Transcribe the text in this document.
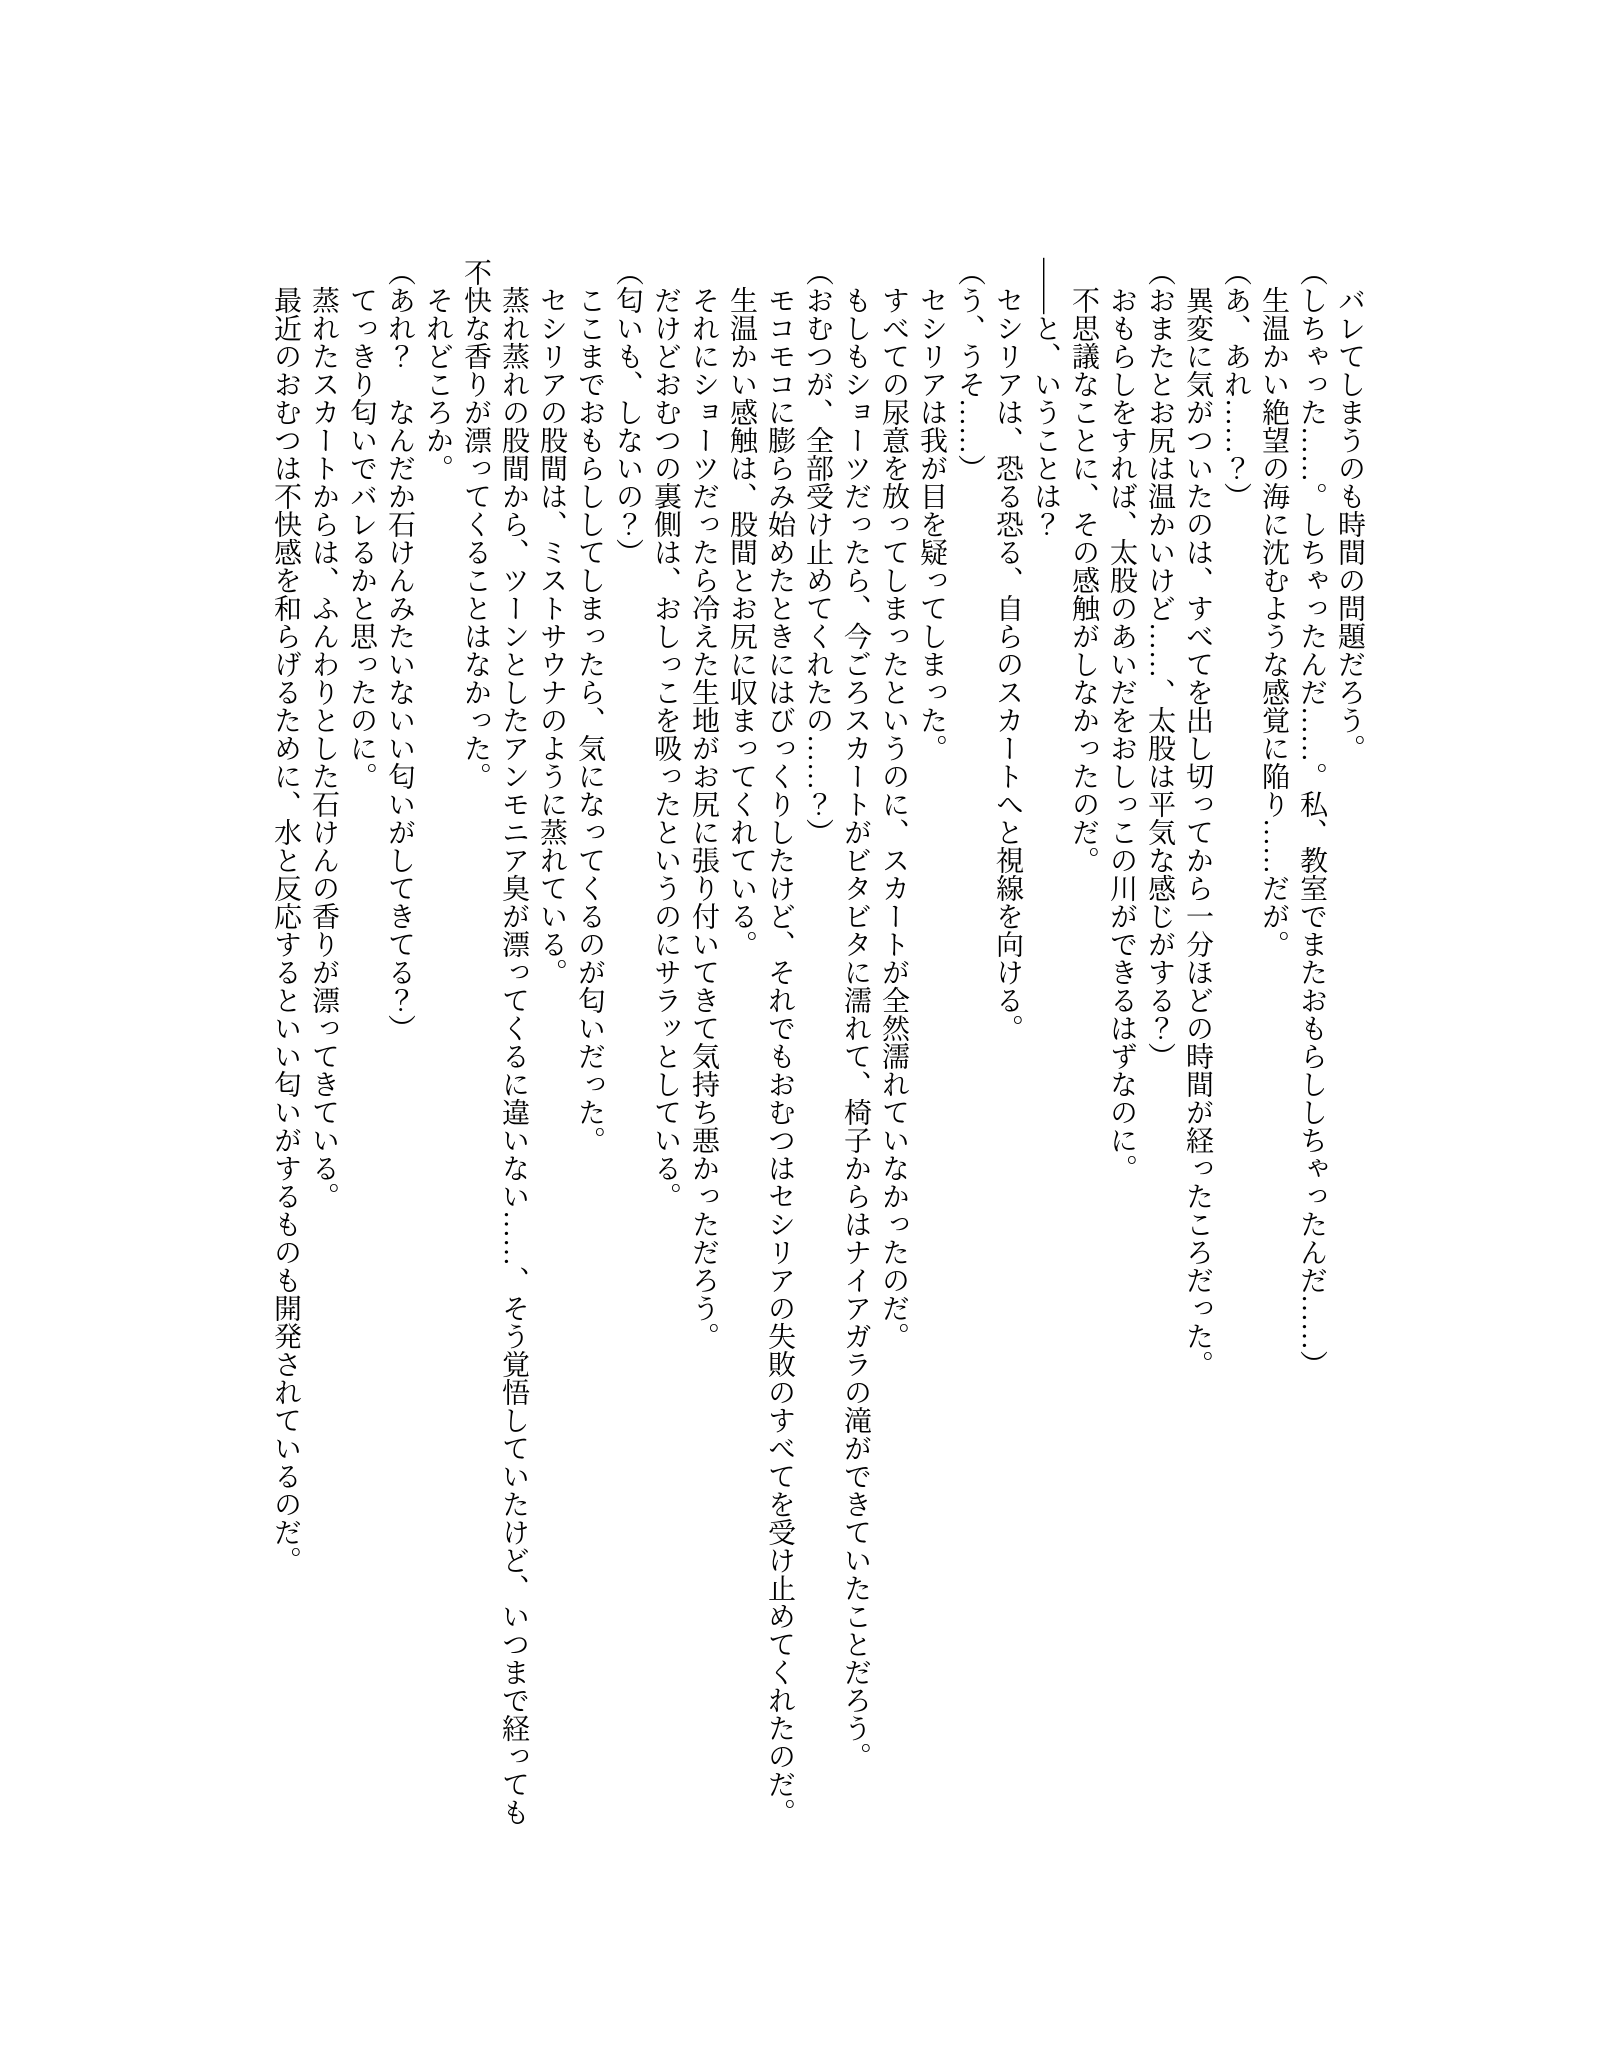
バレてしまうのも時間の問題だろう。

（しちゃった……。しちゃったんだ……。私、教室でまたおもらししちゃったんだ……）

生温かい絶望の海に沈むような感覚に陥り……だが。

（あ、あれ……？）

異変に気がついたのは、すべてを出し切ってから一分ほどの時間が経ったころだった。

（おまたとお尻は温かいけど……、太股は平気な感じがする？）

おもらしをすれば、太股のあいだをおしっこの川ができるはずなのに。

不思議なことに、その感触がしなかったのだ。

――と、いうことは？

セシリアは、恐る恐る、自らのスカートへと視線を向ける。

（う、うそ……）

セシリアは我が目を疑ってしまった。

すべての尿意を放ってしまったというのに、スカートが全然濡れていなかったのだ。

もしもショーツだったら、今ごろスカートがビタビタに濡れて、椅子からはナイアガラの滝ができていたことだろう。

（おむつが、全部受け止めてくれたの……？）

モコモコに膨らみ始めたときにはびっくりしたけど、それでもおむつはセシリアの失敗のすべてを受け止めてくれたのだ。

生温かい感触は、股間とお尻に収まってくれている。

それにショーツだったら冷えた生地がお尻に張り付いてきて気持ち悪かっただろう。

だけどおむつの裏側は、おしっこを吸ったというのにサラッとしている。

（匂いも、しないの？）

ここまでおもらししてしまったら、気になってくるのが匂いだった。

セシリアの股間は、ミストサウナのように蒸れている。

蒸れ蒸れの股間から、ツーンとしたアンモニア臭が漂ってくるに違いない……、そう覚悟していたけど、いつまで経っても不快な香りが漂ってくることはなかった。

それどころか。

（あれ？　なんだか石けんみたいないい匂いがしてきてる？）

てっきり匂いでバレるかと思ったのに。

蒸れたスカートからは、ふんわりとした石けんの香りが漂ってきている。

最近のおむつは不快感を和らげるために、水と反応するといい匂いがするものも開発されているのだ。
